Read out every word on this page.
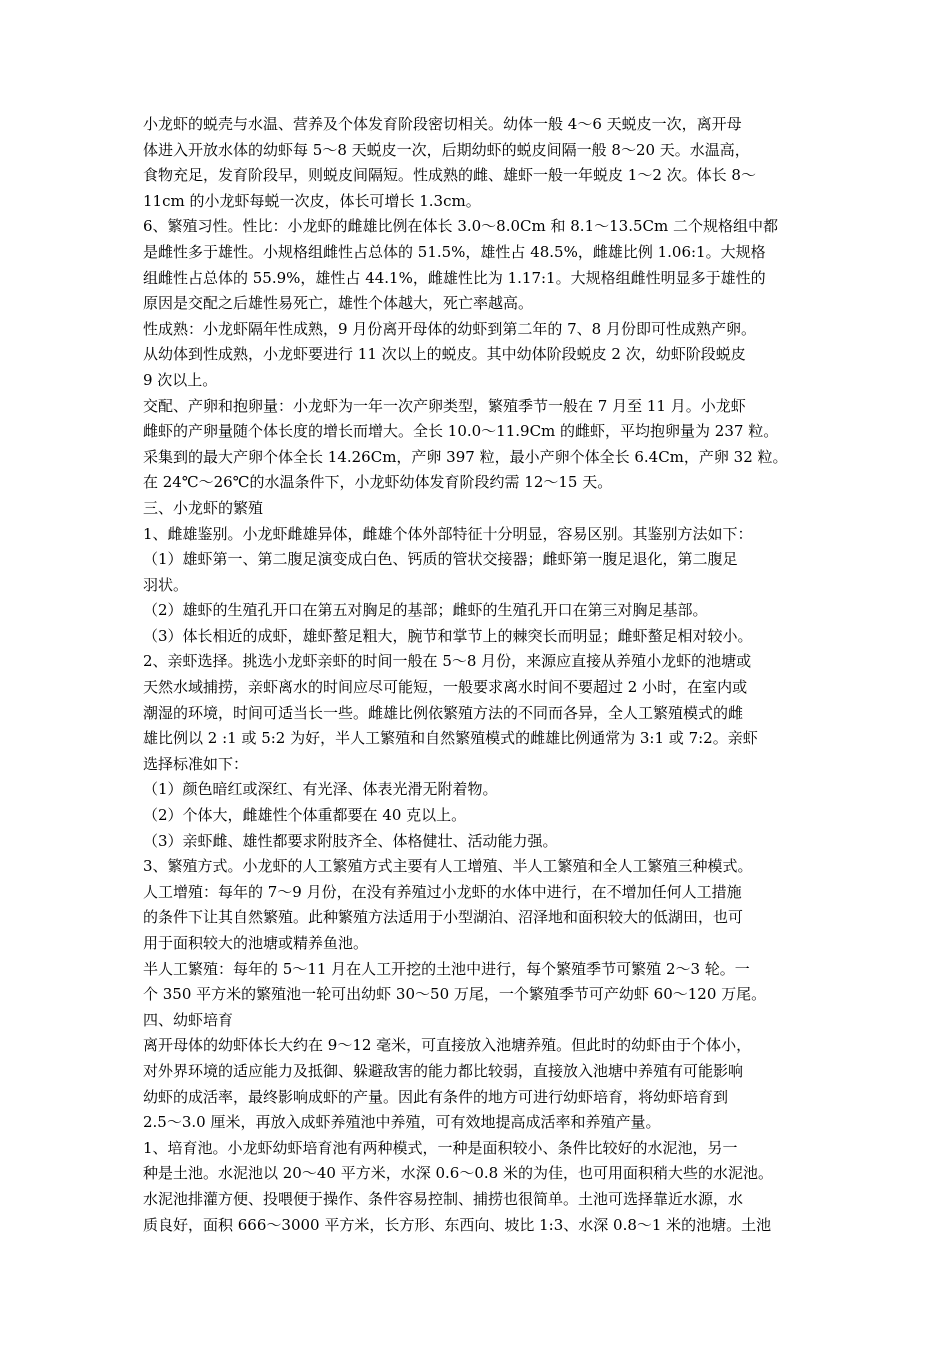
小龙虾的蜕壳与水温、营养及个体发育阶段密切相关。幼体一般 4～6 天蜕皮一次，离开母
体进入开放水体的幼虾每 5～8 天蜕皮一次，后期幼虾的蜕皮间隔一般 8～20 天。水温高，
食物充足，发育阶段早，则蜕皮间隔短。性成熟的雌、雄虾一般一年蜕皮 1～2 次。体长 8～
11cm 的小龙虾每蜕一次皮，体长可增长 1.3cm。
6、繁殖习性。性比：小龙虾的雌雄比例在体长 3.0～8.0Cm 和 8.1～13.5Cm 二个规格组中都
是雌性多于雄性。小规格组雌性占总体的 51.5%，雄性占 48.5%，雌雄比例 1.06:1。大规格
组雌性占总体的 55.9%，雄性占 44.1%，雌雄性比为 1.17:1。大规格组雌性明显多于雄性的
原因是交配之后雄性易死亡，雄性个体越大，死亡率越高。
性成熟：小龙虾隔年性成熟，9 月份离开母体的幼虾到第二年的 7、8 月份即可性成熟产卵。
从幼体到性成熟，小龙虾要进行 11 次以上的蜕皮。其中幼体阶段蜕皮 2 次，幼虾阶段蜕皮
9 次以上。
交配、产卵和抱卵量：小龙虾为一年一次产卵类型，繁殖季节一般在 7 月至 11 月。小龙虾
雌虾的产卵量随个体长度的增长而增大。全长 10.0～11.9Cm 的雌虾，平均抱卵量为 237 粒。
采集到的最大产卵个体全长 14.26Cm，产卵 397 粒，最小产卵个体全长 6.4Cm，产卵 32 粒。
在 24℃～26℃的水温条件下，小龙虾幼体发育阶段约需 12～15 天。
三、小龙虾的繁殖
1、雌雄鉴别。小龙虾雌雄异体，雌雄个体外部特征十分明显，容易区别。其鉴别方法如下：
（1）雄虾第一、第二腹足演变成白色、钙质的管状交接器；雌虾第一腹足退化，第二腹足
羽状。
（2）雄虾的生殖孔开口在第五对胸足的基部；雌虾的生殖孔开口在第三对胸足基部。
（3）体长相近的成虾，雄虾螯足粗大，腕节和掌节上的棘突长而明显；雌虾螯足相对较小。
2、亲虾选择。挑选小龙虾亲虾的时间一般在 5～8 月份，来源应直接从养殖小龙虾的池塘或
天然水域捕捞，亲虾离水的时间应尽可能短，一般要求离水时间不要超过 2 小时，在室内或
潮湿的环境，时间可适当长一些。雌雄比例依繁殖方法的不同而各异，全人工繁殖模式的雌
雄比例以 2 :1 或 5:2 为好，半人工繁殖和自然繁殖模式的雌雄比例通常为 3:1 或 7:2。亲虾
选择标准如下：
（1）颜色暗红或深红、有光泽、体表光滑无附着物。
（2）个体大，雌雄性个体重都要在 40 克以上。
（3）亲虾雌、雄性都要求附肢齐全、体格健壮、活动能力强。
3、繁殖方式。小龙虾的人工繁殖方式主要有人工增殖、半人工繁殖和全人工繁殖三种模式。
人工增殖：每年的 7～9 月份，在没有养殖过小龙虾的水体中进行，在不增加任何人工措施
的条件下让其自然繁殖。此种繁殖方法适用于小型湖泊、沼泽地和面积较大的低湖田，也可
用于面积较大的池塘或精养鱼池。
半人工繁殖：每年的 5～11 月在人工开挖的土池中进行，每个繁殖季节可繁殖 2～3 轮。一
个 350 平方米的繁殖池一轮可出幼虾 30～50 万尾，一个繁殖季节可产幼虾 60～120 万尾。
四、幼虾培育
离开母体的幼虾体长大约在 9～12 毫米，可直接放入池塘养殖。但此时的幼虾由于个体小，
对外界环境的适应能力及抵御、躲避敌害的能力都比较弱，直接放入池塘中养殖有可能影响
幼虾的成活率，最终影响成虾的产量。因此有条件的地方可进行幼虾培育，将幼虾培育到
2.5～3.0 厘米，再放入成虾养殖池中养殖，可有效地提高成活率和养殖产量。
1、培育池。小龙虾幼虾培育池有两种模式，一种是面积较小、条件比较好的水泥池，另一
种是土池。水泥池以 20～40 平方米，水深 0.6～0.8 米的为佳，也可用面积稍大些的水泥池。
水泥池排灌方便、投喂便于操作、条件容易控制、捕捞也很简单。土池可选择靠近水源，水
质良好，面积 666～3000 平方米，长方形、东西向、坡比 1:3、水深 0.8～1 米的池塘。土池
